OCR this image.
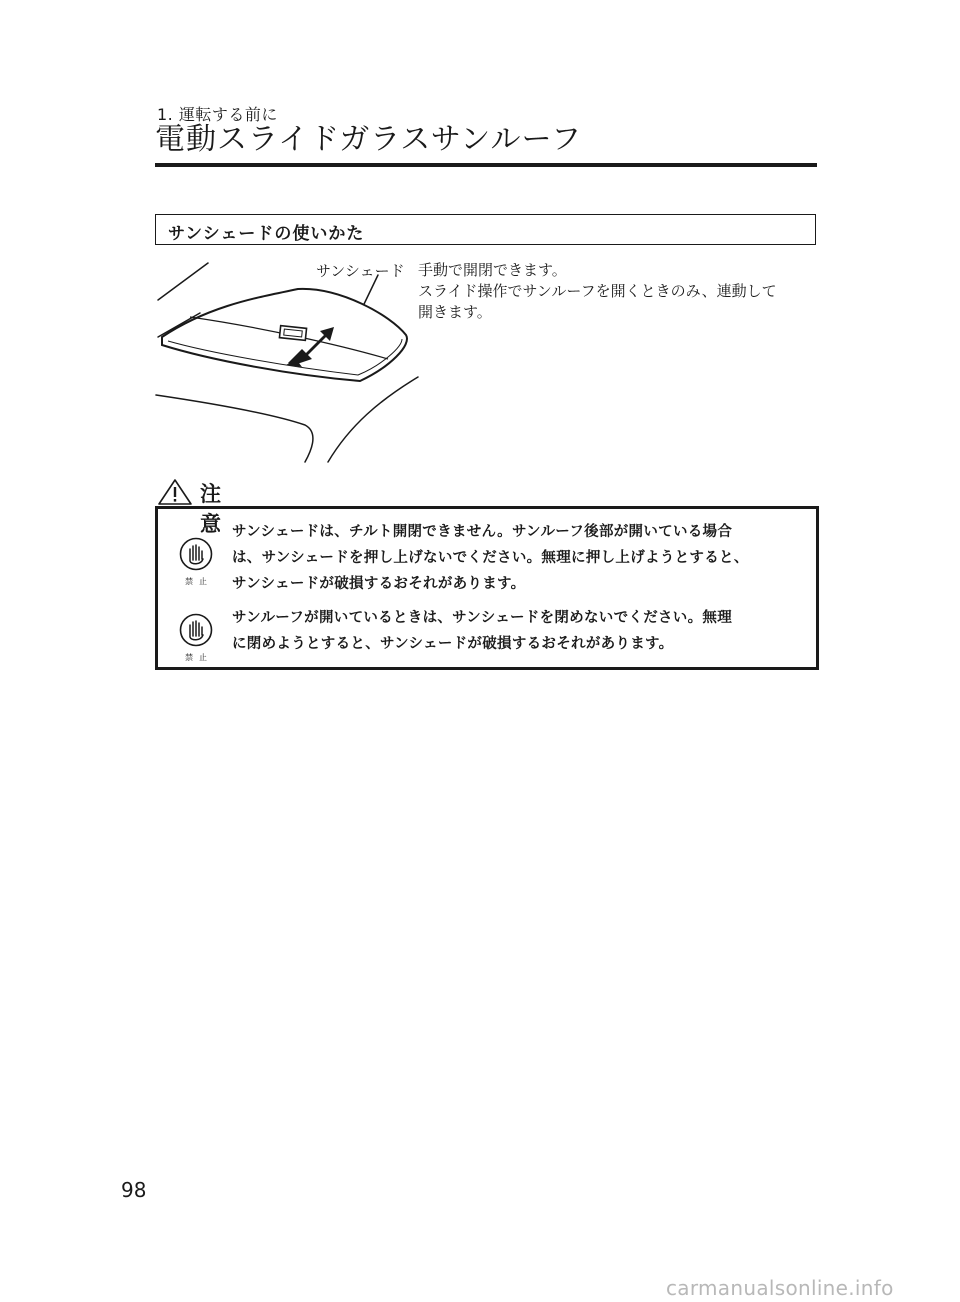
1. 運転する前に
電動スライドガラスサンルーフ
サンシェードの使いかた
サンシェード 手動で開閉できます。
スライド操作でサンルーフを開くときのみ、連動して
開きます。
注意
禁止
サンシェードは、チルト開閉できません。サンルーフ後部が開いている場合
は、サンシェードを押し上げないでください。無理に押し上げようとすると、
サンシェードが破損するおそれがあります。
禁止
サンルーフが開いているときは、サンシェードを閉めないでください。無理
に閉めようとすると、サンシェードが破損するおそれがあります。
98
carmanualsonline.info
